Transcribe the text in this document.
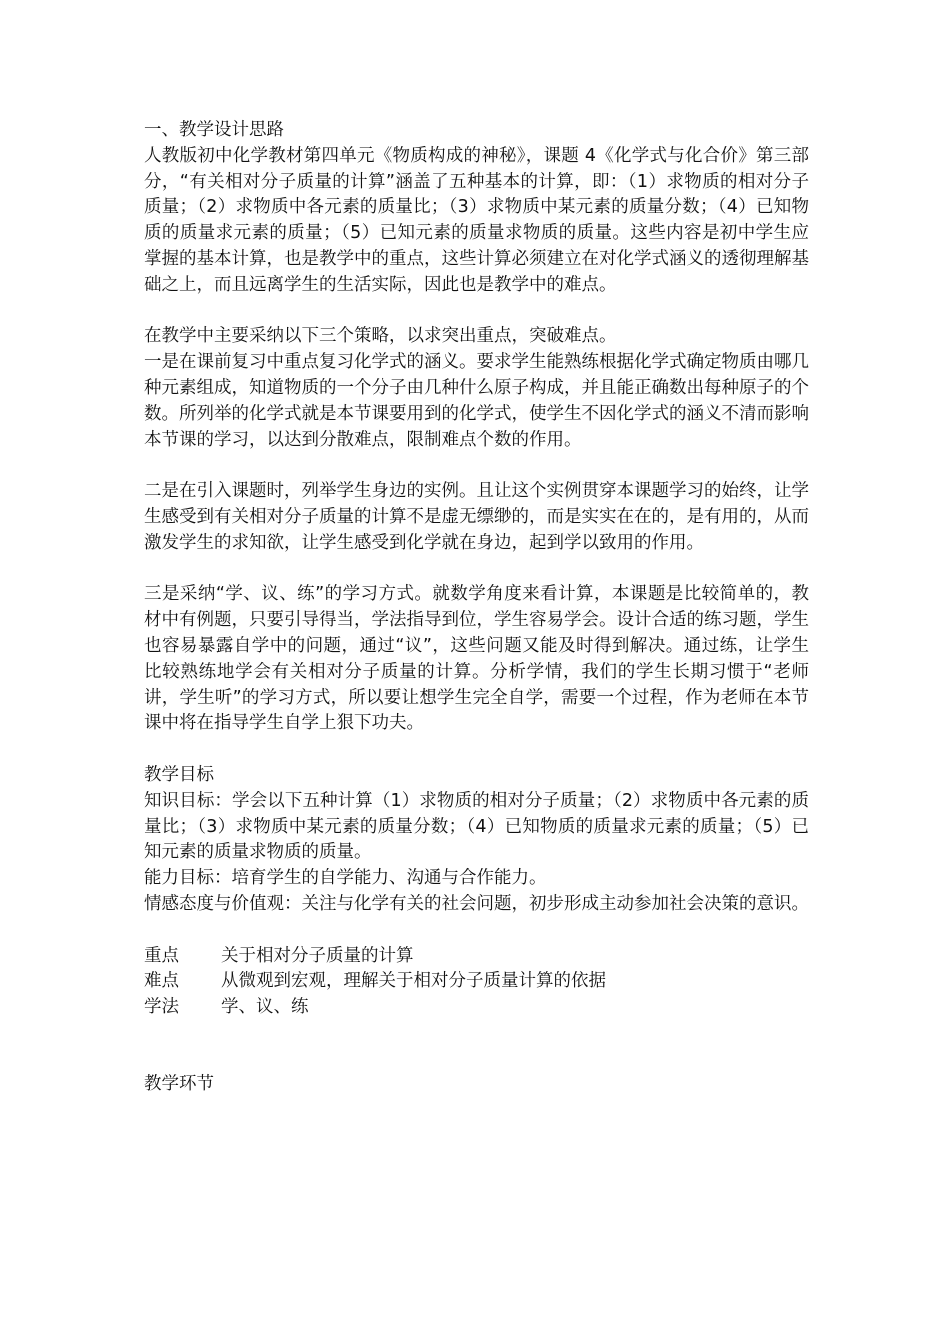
一、教学设计思路

人教版初中化学教材第四单元《物质构成的神秘》，课题 4《化学式与化合价》第三部分，“有关相对分子质量的计算”涵盖了五种基本的计算，即：（1）求物质的相对分子质量；（2）求物质中各元素的质量比；（3）求物质中某元素的质量分数；（4）已知物质的质量求元素的质量；（5）已知元素的质量求物质的质量。这些内容是初中学生应掌握的基本计算，也是教学中的重点，这些计算必须建立在对化学式涵义的透彻理解基础之上，而且远离学生的生活实际，因此也是教学中的难点。

在教学中主要采纳以下三个策略，以求突出重点，突破难点。

一是在课前复习中重点复习化学式的涵义。要求学生能熟练根据化学式确定物质由哪几种元素组成，知道物质的一个分子由几种什么原子构成，并且能正确数出每种原子的个数。所列举的化学式就是本节课要用到的化学式，使学生不因化学式的涵义不清而影响本节课的学习，以达到分散难点，限制难点个数的作用。

二是在引入课题时，列举学生身边的实例。且让这个实例贯穿本课题学习的始终，让学生感受到有关相对分子质量的计算不是虚无缥缈的，而是实实在在的，是有用的，从而激发学生的求知欲，让学生感受到化学就在身边，起到学以致用的作用。

三是采纳“学、议、练”的学习方式。就数学角度来看计算，本课题是比较简单的，教材中有例题，只要引导得当，学法指导到位，学生容易学会。设计合适的练习题，学生也容易暴露自学中的问题，通过“议”，这些问题又能及时得到解决。通过练，让学生比较熟练地学会有关相对分子质量的计算。分析学情，我们的学生长期习惯于“老师讲，学生听”的学习方式，所以要让想学生完全自学，需要一个过程，作为老师在本节课中将在指导学生自学上狠下功夫。

教学目标

知识目标：学会以下五种计算（1）求物质的相对分子质量；（2）求物质中各元素的质量比；（3）求物质中某元素的质量分数；（4）已知物质的质量求元素的质量；（5）已知元素的质量求物质的质量。

能力目标：培育学生的自学能力、沟通与合作能力。

情感态度与价值观：关注与化学有关的社会问题，初步形成主动参加社会决策的意识。

重点	关于相对分子质量的计算
难点	从微观到宏观，理解关于相对分子质量计算的依据
学法	学、议、练
教学环节
